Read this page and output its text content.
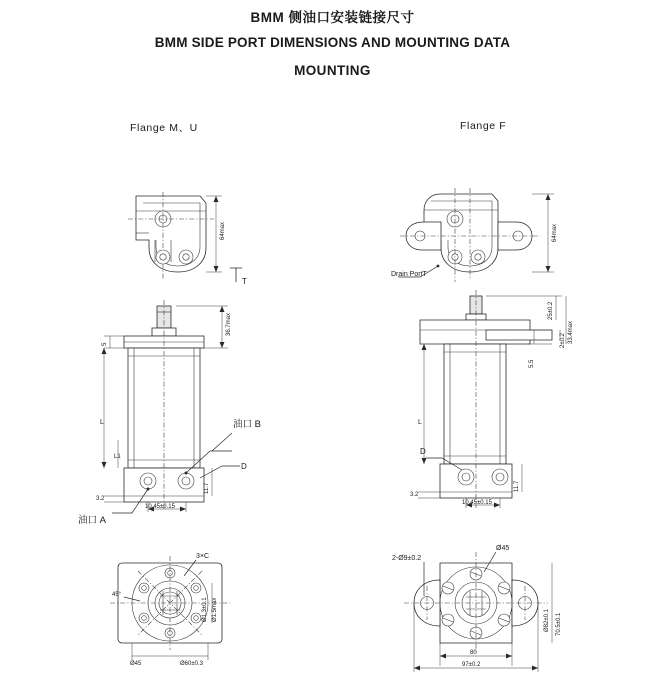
BMM 侧油口安装链接尺寸
BMM SIDE PORT DIMENSIONS AND MOUNTING DATA
MOUNTING
Flange M、U	Flange F
64max
T
5
36.7max
L
L1
3.2
10.45±0.15
11.7
油口 B
D
油口 A
3×C
45°
Ø45	Ø60±0.3
Ø1.3±0.1 Ø1.5max
Drain PortT
64max
25±0.2
33.4max
5.5
2±0.2
L
3.2
10.45±0.15
11.7
D
2-Ø9±0.2
Ø45
Ø82±0.1 70.5±0.1
80
97±0.2
